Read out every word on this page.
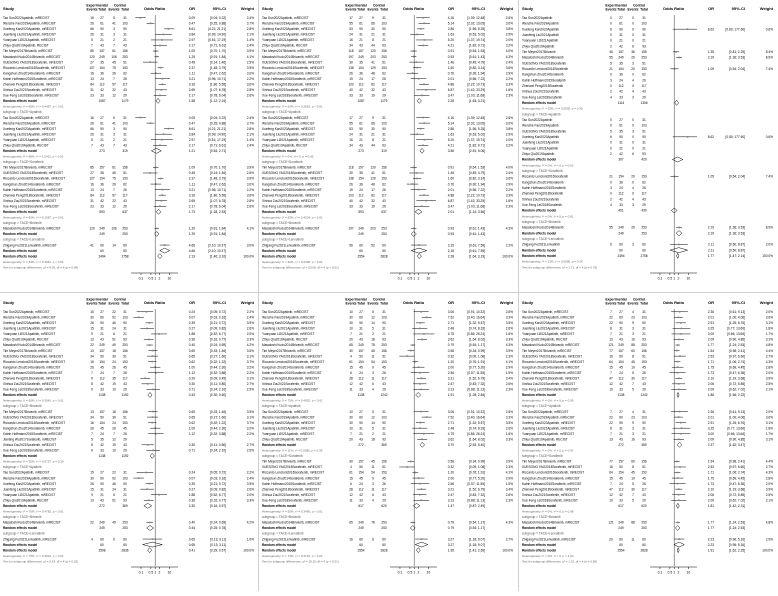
Study
Experimental Control
Events Total Events Total	Odds Ratio	OR	95%-CI	Weight
Tao Sun2022Apatinib, mRECIST	16 27	5	31	0.09	[0.04; 0.22]	2.4%
Wenzhe Fan2019Apatinib, mRECIST	26 61	41 103	0.47	[0.25; 0.88]	3.7%
Xuefeng Kan2020Apatinib, mRECIST	66 90	3	90	8.61	[4.21; 21.21]	2.8%
Juanfeng Liu2021Apatinib, mRECIST	26 31	3	31	3.84	[0.99; 14.90]	2.1%
Yuanyuan Li2021Apatinib, mRECIST	5 21	2	21	2.97	[0.51; 17.19]	1.4%
Zhiyu Qiu2019Apatinib, RECIST	7 43	7	43	2.17	[0.71; 6.61]	2.4%
Tim Meyer2017Brivanib, mRECIST	85 157 61 156	1.09	[0.70; 1.70]	3.9%
Masatoshi Kudo2014Brivanib, mRECIST	120 249 106 253	1.29	[0.91; 1.84]	4.1%
XUESONG YAO2018Sorafenib, mRECIST	27 35	45 51	0.45	[0.14; 1.46]	2.5%
Riccardo Lencioni2016Sorafenib, mRECIST	107 154 75 153	2.37	[1.48; 3.79]	3.9%
Kangshun Zhu2014Sorafenib, mRECIST	16 36	26 62	1.11	[0.47; 2.62]	3.0%
Katrin Hoffmann2015Sorafenib, mRECIST	13 24	7	26	3.21	[0.96; 10.71]	2.2%
Zhenwei Peng2018Sorafenib, mRECIST	84 112 57 117	3.16	[1.80; 5.55]	3.6%
Xinhua Zou2021Sorafenib, mRECIST	31 42	22 43	2.69	[1.07; 6.78]	2.8%
Xue-Feng Lei2018Sorafenib, mRECIST	23 33	12 29	2.17	[0.78; 6.04]	2.6%
Random effects model	1087	1179	1.58	[1.12; 2.24]
Heterogeneity: I² = 83%, τ² = 0.4457, p < 0.01
subgroup = TACE+Apatinib
Tao Sun2022Apatinib, mRECIST	16 27	5	31	0.09	[0.04; 0.22]	2.4%
Wenzhe Fan2019Apatinib, mRECIST	26 61	41 103	0.47	[0.25; 0.88]	3.7%
Xuefeng Kan2020Apatinib, mRECIST	66 90	3	90	8.61	[4.21; 21.21]	2.8%
Juanfeng Liu2021Apatinib, mRECIST	26 31	3	31	3.84	[0.99; 14.90]	2.1%
Yuanyuan Li2021Apatinib, mRECIST	5 21	2	21	2.97	[0.51; 17.19]	1.4%
Zhiyu Qiu2019Apatinib, RECIST	7 43	7	43	2.17	[0.71; 6.61]	2.4%
Random effects model	273	319	1.21	[0.54; 2.71]
Heterogeneity: I² = 88%, τ² = 1.0411, p < 0.01
subgroup = TACE+Sorafenib
Tim Meyer2017Brivanib, mRECIST	85 157 61 156	1.09	[0.70; 1.70]	3.9%
XUESONG YAO2018Sorafenib, mRECIST	27 35	45 51	0.45	[0.14; 1.46]	2.5%
Riccardo Lencioni2016Sorafenib, mRECIST	107 154 75 153	2.37	[1.48; 3.79]	3.9%
Kangshun Zhu2014Sorafenib, mRECIST	16 36	26 62	1.11	[0.47; 2.62]	3.0%
Katrin Hoffmann2015Sorafenib, mRECIST	13 24	7	26	3.21	[0.96; 10.71]	2.2%
Zhenwei Peng2018Sorafenib, mRECIST	84 112 57 117	3.16	[1.80; 5.55]	3.6%
Xinhua Zou2021Sorafenib, mRECIST	31 42	22 43	2.69	[1.07; 6.78]	2.8%
Xue-Feng Lei2018Sorafenib, mRECIST	23 33	12 29	2.17	[0.78; 6.04]	2.6%
Random effects model	593	637	1.73	[1.18; 2.53]
Heterogeneity: I² = 60%, τ² = 0.1587, p = 0.01
subgroup = TACE+Brivanib
Masatoshi Kudo2014Brivanib, mRECIST	120 249 106 253	1.29	[0.91; 1.84]	4.1%
Random effects model	249	253	1.29	[0.91; 1.84]
subgroup = TACE+Lenvatinib
Zhigang Fu2021Lenvatinib, mRECIST	41 60	14 60	4.66	[2.10; 10.37]	3.0%
Random effects model	60	60	4.66	[2.10; 10.37]
Random effects model	2494	2758	2.13	[1.46; 3.10]	100.0%
Heterogeneity: I² = 84%, τ² = 0.4961, p < 0.01
Test for subgroup differences: χ² = 8.05, df = 4 (p = 0.09)
0.1 0.5 1 2 10
Study
Experimental Control
Events Total Events Total	Odds Ratio	OR	95%-CI	Weight
Tao Sun2022Apatinib, mRECIST	17 27	9	31	4.16	[1.39; 12.48]	2.6%
Wenzhe Fan2019Apatinib, mRECIST	55 61	66 103	5.14	[2.02; 13.05]	3.0%
Xuefeng Kan2020Apatinib, mRECIST	53 90	30 90	2.86	[1.56; 5.25]	3.8%
Juanfeng Liu2021Apatinib, mRECIST	24 31	21 31	1.63	[0.53; 5.02]	2.5%
Yuanyuan Li2021Apatinib, mRECIST	16 21	8	21	5.20	[1.37; 19.74]	2.0%
Zhiyu Qiu2019Apatinib, RECIST	34 43	44 93	4.21	[1.82; 9.71]	3.2%
Tim Meyer2017Brivanib, mRECIST	118 157 120 156	0.91	[0.54; 1.53]	4.0%
Masatoshi Kudo2014Brivanib, mRECIST	197 249 203 253	0.93	[0.61; 1.43]	4.3%
XUESONG YAO2018Sorafenib, mRECIST	30 35	41 51	1.46	[0.45; 4.79]	2.4%
Riccardo Lencioni2016Sorafenib, mRECIST	138 154 129 153	1.60	[0.82; 3.14]	3.6%
Kangshun Zhu2014Sorafenib, mRECIST	26 36	48 62	0.76	[0.30; 1.94]	2.9%
Katrin Hoffmann2015Sorafenib, mRECIST	19 24	17 26	2.01	[0.56; 7.22]	2.2%
Zhenwei Peng2018Sorafenib, mRECIST	103 112 82 117	4.88	[2.22; 10.73]	3.3%
Xinhua Zou2021Sorafenib, mRECIST	40 42	32 43	6.87	[1.42; 33.29]	1.6%
Xue-Feng Lei2018Sorafenib, mRECIST	33 33	19 29	3.47	[1.03; 11.68]	2.3%
Random effects model	1087	1179	2.28	[1.63; 3.21]
Heterogeneity: I² = 62%, τ² = 0.2615, p < 0.01
subgroup = TACE+Apatinib
Tao Sun2022Apatinib, mRECIST	17 27	9	31	4.16	[1.39; 12.48]	2.6%
Wenzhe Fan2019Apatinib, mRECIST	55 61	66 103	5.14	[2.02; 13.05]	3.0%
Xuefeng Kan2020Apatinib, mRECIST	53 90	30 90	2.86	[1.56; 5.25]	3.8%
Juanfeng Liu2021Apatinib, mRECIST	24 31	21 31	1.63	[0.53; 5.02]	2.5%
Yuanyuan Li2021Apatinib, mRECIST	16 21	8	21	5.20	[1.37; 19.74]	2.0%
Zhiyu Qiu2019Apatinib, RECIST	34 43	44 93	4.21	[1.82; 9.71]	3.2%
Random effects model	273	319	3.56	[2.51; 5.06]
Heterogeneity: I² = 0%, τ² = 0, p = 0.62
subgroup = TACE+Sorafenib
Tim Meyer2017Brivanib, mRECIST	118 157 120 156	0.91	[0.54; 1.53]	4.0%
XUESONG YAO2018Sorafenib, mRECIST	30 35	41 51	1.46	[0.45; 4.79]	2.4%
Riccardo Lencioni2016Sorafenib, mRECIST	138 154 129 153	1.60	[0.82; 3.14]	3.6%
Kangshun Zhu2014Sorafenib, mRECIST	26 36	48 62	0.76	[0.30; 1.94]	2.9%
Katrin Hoffmann2015Sorafenib, mRECIST	19 24	17 26	2.01	[0.56; 7.22]	2.2%
Zhenwei Peng2018Sorafenib, mRECIST	103 112 82 117	4.88	[2.22; 10.73]	3.3%
Xinhua Zou2021Sorafenib, mRECIST	40 42	32 43	6.87	[1.42; 33.29]	1.6%
Xue-Feng Lei2018Sorafenib, mRECIST	33 33	19 29	3.47	[1.03; 11.68]	2.3%
Random effects model	593	637	2.01	[1.14; 3.56]
Heterogeneity: I² = 63%, τ² = 0.4204, p < 0.01
subgroup = TACE+Brivanib
Masatoshi Kudo2014Brivanib, mRECIST	197 249 203 253	0.93	[0.61; 1.43]	4.3%
Random effects model	249	253	0.93	[0.61; 1.43]
subgroup = TACE+Lenvatinib
Zhigang Fu2021Lenvatinib, mRECIST	56 60	52 60	2.15	[0.61; 7.59]	2.2%
Random effects model	60	60	2.15	[0.61; 7.59]
Random effects model	2554	2828	2.28	[1.64; 3.19]	100.0%
Heterogeneity: I² = 62%, τ² = 0.2495, p < 0.01
Test for subgroup differences: χ² = 20.08, df = 4 (p < 0.01)
0.1 0.5 1 2 10
Study
Experimental Control
Events Total Events Total	Odds Ratio	OR	95%-CI	Weight
Tao Sun2022Apatinib	0 27	0	31
Wenzhe Fan2019Apatinib	0 61	0 103
Xuefeng Kan2020Apatinib	6 90	0	90	8.62	[0.80; 177.60]	0.6%
Juanfeng Liu2021Apatinib	0 31	0	31
Yuanyuan Li2021Apatinib	0 21	0	21
Zhiyu Qiu2019Apatinib	2 42	6	93
Tim Meyer2017Brivanib	46 157 36 155	1.35	[0.81; 2.25]	8.4%
Masatoshi Kudo2014Brivanib	55 249 29 253	2.19	[1.36; 3.53]	8.9%
XUESONG YAO2018Sorafenib	5 35	3	51
Riccardo Lencioni2016Sorafenib	21 154 20 153	1.05	[0.54; 2.04]	7.4%
Kangshun Zhu2014Sorafenib	0 36	0	62
Katrin Hoffmann2015Sorafenib	3 24	4	26
Zhenwei Peng2018Sorafenib	0 112	0 117
Xinhua Zou2021Sorafenib	2 42	4	43
Xue-Feng Lei2018Sorafenib	4 33	3	29
Random effects model	1114	1306
Heterogeneity: I² = 15%, τ² = 0.0530, p = 0.30
subgroup = TACE+Apatinib
Tao Sun2022Apatinib	0 27	0	31
Wenzhe Fan2019Apatinib	0 61	0 103
XUESONG YAO2018Sorafenib	5 35	3	51
Xuefeng Kan2020Apatinib	6 90	0	90	8.62	[0.80; 177.60]	0.6%
Juanfeng Liu2021Apatinib	0 31	0	31
Yuanyuan Li2021Apatinib	0 21	0	21
Zhiyu Qiu2019Apatinib	2 42	6	93
Random effects model	307	420
Heterogeneity: I² = 0%, τ² = 0, p = 0.63
subgroup = TACE+Sorafenib
Riccardo Lencioni2016Sorafenib	21 154 20 153	1.05	[0.54; 2.04]	7.4%
Kangshun Zhu2014Sorafenib	0 36	0	62
Katrin Hoffmann2015Sorafenib	3 24	4	26
Zhenwei Peng2018Sorafenib	0 112	0 117
Xinhua Zou2021Sorafenib	2 42	4	43
Xue-Feng Lei2018Sorafenib	4 33	3	29
Random effects model	401	430
Heterogeneity: I² = 0%, τ² = 0, p = 0.81
subgroup = TACE+Brivanib
Masatoshi Kudo2014Brivanib	55 249 29 253	2.19	[1.36; 3.53]	8.9%
Random effects model	249	253	2.19	[1.36; 3.53]
subgroup = TACE+Lenvatinib
Zhigang Fu2021Lenvatinib	6 60	3	60	2.11	[0.50; 8.87]	2.0%
Random effects model	60	60	2.11	[0.50; 8.87]
Random effects model	2494	2758	1.77	[1.47; 2.14]	100.0%
Heterogeneity: I² = 21%, τ² = 0.0590, p = 0.26
Test for subgroup differences: χ² = 1.71, df = 4 (p = 0.79)
0.1 0.5 1 2 10
Study
Experimental Control
Events Total Events Total	Odds Ratio	OR	95%-CI	Weight
Tao Sun2022Apatinib, mRECIST	15 27	22 31	0.24	[0.05; 0.72]	2.2%
Wenzhe Fan2019Apatinib, mRECIST	30 60	92 103	0.07	[0.03; 0.16]	2.4%
Xuefeng Kan2020Apatinib, mRECIST	26 90	46 90	0.39	[0.21; 0.72]	3.9%
Juanfeng Liu2021Apatinib, mRECIST	15 31	24 31	0.27	[0.09; 0.82]	2.6%
Yuanyuan Li2021Apatinib, mRECIST	9 21	6	21	1.88	[0.52; 6.77]	2.0%
Zhiyu Qiu2019Apatinib, RECIST	13 43	51 93	0.36	[0.16; 0.77]	3.3%
Masatoshi Kudo2014Brivanib, mRECIST	22 249 49 253	0.40	[0.24; 0.69]	4.2%
Tim Meyer2017Brivanib, mRECIST	13 157 18 156	0.69	[0.33; 1.46]	3.5%
XUESONG YAO2018Sorafenib, mRECIST	34 50	39 51	0.65	[0.27; 1.60]	3.1%
Riccardo Lencioni2016Sorafenib, mRECIST	16 154 24 153	0.62	[0.32; 1.22]	3.7%
Kangshun Zhu2014Sorafenib, mRECIST	26 45	26 45	1.00	[0.44; 2.30]	3.2%
Katrin Hoffmann2015Sorafenib, mRECIST	7 24	7	26	1.12	[0.32; 3.88]	2.2%
Zhenwei Peng2018Sorafenib, mRECIST	9 112 35 117	0.20	[0.09; 0.45]	3.1%
Xinhua Zou2021Sorafenib, mRECIST	8 42	19 43	0.30	[0.11; 0.80]	2.7%
Xue-Feng Lei2018Sorafenib, mRECIST	9 33	10 29	0.71	[0.24; 2.10]	2.5%
Random effects model	1138	1192	0.43	[0.30; 0.60]
Heterogeneity: I² = 65%, τ² = 0.3042, p < 0.01
subgroup = TACE+Brivanib
Tim Meyer2017Brivanib, mRECIST	13 157 18 156	0.69	[0.33; 1.46]	3.5%
XUESONG YAO2018Sorafenib, mRECIST	34 50	39 51	0.65	[0.27; 1.60]	3.1%
Riccardo Lencioni2016Sorafenib, mRECIST	16 154 24 153	0.62	[0.32; 1.22]	3.7%
Kangshun Zhu2014Sorafenib, mRECIST	26 45	26 45	1.00	[0.44; 2.30]	3.2%
Katrin Hoffmann2015Sorafenib, mRECIST	7 24	7	26	1.12	[0.32; 3.88]	2.2%
Jianting Wu2017Sorafenib, mRECIST	5 35	12 29
Xinhua Zou2021Sorafenib, mRECIST	8 42	19 43	0.30	[0.11; 0.80]	2.7%
Xue-Feng Lei2018Sorafenib, mRECIST	9 33	10 29	0.71	[0.24; 2.10]	2.5%
Random effects model	1138	1192
Heterogeneity: I² = 30%, τ² = 0.0757, p = 0.19
subgroup = TACE+Apatinib
Tao Sun2022Apatinib, mRECIST	15 27	22 31	0.24	[0.05; 0.72]	2.2%
Wenzhe Fan2019Apatinib, mRECIST	30 60	92 103	0.07	[0.03; 0.16]	2.4%
Xuefeng Kan2020Apatinib, mRECIST	26 90	46 90	0.39	[0.21; 0.72]	3.9%
Juanfeng Liu2021Apatinib, mRECIST	15 31	24 31	0.27	[0.09; 0.82]	2.6%
Yuanyuan Li2021Apatinib, mRECIST	9 21	6	21	1.88	[0.52; 6.77]	2.0%
Zhiyu Qiu2019Apatinib, RECIST	13 43	51 93	0.36	[0.16; 0.77]	3.3%
Random effects model	272	369	0.30	[0.16; 0.57]
Heterogeneity: I² = 70%, τ² = 0.4782, p < 0.01
subgroup = TACE+Brivanib
Masatoshi Kudo2014Brivanib, mRECIST	22 249 49 253	0.40	[0.24; 0.69]	4.2%
Random effects model	249	253	0.44	[0.25; 0.78]
subgroup = TACE+Lenvatinib
Zhigang Fu2021Lenvatinib, mRECIST	4 60	6	60	0.65	[0.13; 3.11]	1.6%
Random effects model	60	60	0.65	[0.13; 3.11]
Random effects model	2598	2836	0.41	[0.29; 0.57]	100.0%
Heterogeneity: I² = 75%, τ² = 0.3912, p < 0.01
Test for subgroup differences: χ² = 5.42, df = 4 (p = 0.25)
0.1 0.5 1 2 10
Study
Experimental Control
Events Total Events Total	Odds Ratio	OR	95%-CI	Weight
Tao Sun2022Apatinib, mRECIST	10 27	5	31	3.06	[0.91; 10.32]	2.6%
Wenzhe Fan2019Apatinib, mRECIST	30 60	12 103	7.52	[3.40; 16.64]	3.3%
Xuefeng Kan2020Apatinib, mRECIST	30 90	14 90	2.71	[1.32; 5.57]	3.5%
Juanfeng Liu2021Apatinib, mRECIST	10 31	5	31	2.48	[0.74; 8.33]	2.6%
Yuanyuan Li2021Apatinib, mRECIST	7 21	2	21	4.75	[0.86; 26.24]	1.6%
Zhiyu Qiu2019Apatinib, RECIST	20 43	18 93	3.62	[1.64; 8.02]	3.3%
Masatoshi Kudo2014Brivanib, mRECIST	65 249 78 253	0.79	[0.54; 1.17]	4.3%
Tim Meyer2017Brivanib, mRECIST	30 157 45 156	0.58	[0.34; 0.99]	3.9%
XUESONG YAO2018Sorafenib, mRECIST	4 50	11 51	0.32	[0.09; 1.08]	2.3%
Riccardo Lencioni2016Sorafenib, mRECIST	61 154 54 153	1.20	[0.76; 1.91]	4.1%
Kangshun Zhu2014Sorafenib, mRECIST	15 45	9	45	2.00	[0.77; 5.20]	2.9%
Katrin Hoffmann2015Sorafenib, mRECIST	6 24	3	26	2.56	[0.57; 11.55]	1.9%
Zhenwei Peng2018Sorafenib, mRECIST	28 112 11 117	3.21	[1.52; 6.79]	3.4%
Xinhua Zou2021Sorafenib, mRECIST	12 42	6	43	2.47	[0.83; 7.32]	2.6%
Xue-Feng Lei2018Sorafenib, mRECIST	11 33	4	29	3.13	[0.88; 11.13]	2.3%
Random effects model	1138	1242	1.91	[1.28; 2.84]
Heterogeneity: I² = 75%, τ² = 0.4052, p < 0.01
subgroup = TACE+Apatinib
Tao Sun2022Apatinib, mRECIST	10 27	5	31	3.06	[0.91; 10.32]	2.6%
Wenzhe Fan2019Apatinib, mRECIST	30 60	12 103	7.52	[3.40; 16.64]	3.3%
Xuefeng Kan2020Apatinib, mRECIST	30 90	14 90	2.71	[1.32; 5.57]	3.5%
Juanfeng Liu2021Apatinib, mRECIST	10 31	5	31	2.48	[0.74; 8.33]	2.6%
Yuanyuan Li2021Apatinib, mRECIST	7 21	2	21	4.75	[0.86; 26.24]	1.6%
Zhiyu Qiu2019Apatinib, RECIST	20 43	18 93	3.62	[1.64; 8.02]	3.3%
Random effects model	272	369	3.70	[2.53; 5.40]
Heterogeneity: I² = 11%, τ² = 0.0280, p = 0.35
subgroup = TACE+Sorafenib
Tim Meyer2017Brivanib, mRECIST	30 157 45 156	0.58	[0.34; 0.99]	3.9%
XUESONG YAO2018Sorafenib, mRECIST	4 50	11 51	0.32	[0.09; 1.08]	2.3%
Riccardo Lencioni2016Sorafenib, mRECIST	61 154 54 153	1.20	[0.76; 1.91]	4.1%
Kangshun Zhu2014Sorafenib, mRECIST	15 45	9	45	2.00	[0.77; 5.20]	2.9%
Katrin Hoffmann2015Sorafenib, mRECIST	6 24	3	26	2.56	[0.57; 11.55]	1.9%
Zhenwei Peng2018Sorafenib, mRECIST	28 112 11 117	3.21	[1.52; 6.79]	3.4%
Xinhua Zou2021Sorafenib, mRECIST	12 42	6	43	2.47	[0.83; 7.32]	2.6%
Xue-Feng Lei2018Sorafenib, mRECIST	11 33	4	29	3.13	[0.88; 11.13]	2.3%
Random effects model	617	620	1.47	[0.87; 2.49]
Heterogeneity: I² = 65%, τ² = 0.3490, p < 0.01
subgroup = TACE+Brivanib
Masatoshi Kudo2014Brivanib, mRECIST	65 249 78 253	0.79	[0.54; 1.17]	4.3%
Random effects model	249	253	0.79	[0.54; 1.17]
subgroup = TACE+Lenvatinib
Zhigang Fu2021Lenvatinib, mRECIST	16 60	6	60	3.27	[1.18; 9.07]	2.7%
Random effects model	60	60	3.27	[1.18; 9.07]
Random effects model	2554	2828	1.95	[1.41; 2.69]	100.0%
Heterogeneity: I² = 74%, τ² = 0.3733, p < 0.01
Test for subgroup differences: χ² = 19.19, df = 4 (p < 0.01)
0.1 0.5 1 2 10
Study
Experimental Control
Events Total Events Total	Odds Ratio	OR	95%-CI	Weight
Tao Sun2022Apatinib, mRECIST	7 27	4	31	2.36	[0.61; 9.13]	2.0%
Wenzhe Fan2019Apatinib, mRECIST	22 60	23 103	2.01	[1.00; 4.06]	3.6%
Xuefeng Kan2020Apatinib, mRECIST	22 90	9	90	2.91	[1.25; 6.76]	3.1%
Juanfeng Liu2021Apatinib, mRECIST	8 31	3	31	3.25	[0.77; 13.66]	1.8%
Yuanyuan Li2021Apatinib, mRECIST	7 21	3	21	3.00	[0.66; 13.66]	1.7%
Zhiyu Qiu2019Apatinib, RECIST	13 43	16 93	2.09	[0.90; 4.85]	3.1%
Masatoshi Kudo2014Brivanib, mRECIST	121 249 88 253	1.77	[1.24; 2.53]	4.8%
Tim Meyer2017Brivanib, mRECIST	77 157 60 156	1.54	[0.98; 2.41]	4.4%
XUESONG YAO2018Sorafenib, mRECIST	16 50	8	51	2.53	[0.97; 6.60]	2.7%
Riccardo Lencioni2016Sorafenib, mRECIST	64 154 45 153	1.71	[1.06; 2.74]	4.3%
Kangshun Zhu2014Sorafenib, mRECIST	15 45	10 45	1.75	[0.69; 4.45]	2.8%
Katrin Hoffmann2015Sorafenib, mRECIST	7 24	5	26	1.73	[0.47; 6.36]	2.0%
Zhenwei Peng2018Sorafenib, mRECIST	47 112 30 117	2.10	[1.19; 3.68]	3.9%
Xinhua Zou2021Sorafenib, mRECIST	12 42	7	43	2.06	[0.72; 5.85]	2.5%
Xue-Feng Lei2018Sorafenib, mRECIST	10 33	5	29	2.09	[0.62; 7.02]	2.1%
Random effects model	1138	1242	1.86	[1.56; 2.22]
Heterogeneity: I² = 0%, τ² = 0, p = 0.99
subgroup = TACE+Apatinib
Tao Sun2022Apatinib, mRECIST	7 27	4	31	2.36	[0.61; 9.13]	2.0%
Wenzhe Fan2019Apatinib, mRECIST	22 60	23 103	2.01	[1.00; 4.06]	3.6%
Xuefeng Kan2020Apatinib, mRECIST	22 90	9	90	2.91	[1.25; 6.76]	3.1%
Juanfeng Liu2021Apatinib, mRECIST	8 31	3	31	3.25	[0.77; 13.66]	1.8%
Yuanyuan Li2021Apatinib, mRECIST	7 21	3	21	3.00	[0.66; 13.66]	1.7%
Zhiyu Qiu2019Apatinib, RECIST	13 43	16 93	2.09	[0.90; 4.85]	3.1%
Random effects model	272	369	2.37	[1.62; 3.47]
Heterogeneity: I² = 0%, τ² = 0, p = 0.97
subgroup = TACE+Sorafenib
Tim Meyer2017Brivanib, mRECIST	77 157 60 156	1.54	[0.98; 2.41]	4.4%
XUESONG YAO2018Sorafenib, mRECIST	16 50	8	51	2.53	[0.97; 6.60]	2.7%
Riccardo Lencioni2016Sorafenib, mRECIST	64 154 45 153	1.71	[1.06; 2.74]	4.3%
Kangshun Zhu2014Sorafenib, mRECIST	15 45	10 45	1.75	[0.69; 4.45]	2.8%
Katrin Hoffmann2015Sorafenib, mRECIST	7 24	5	26	1.73	[0.47; 6.36]	2.0%
Zhenwei Peng2018Sorafenib, mRECIST	47 112 30 117	2.10	[1.19; 3.68]	3.9%
Xinhua Zou2021Sorafenib, mRECIST	12 42	7	43	2.06	[0.72; 5.85]	2.5%
Xue-Feng Lei2018Sorafenib, mRECIST	10 33	5	29	2.09	[0.62; 7.02]	2.1%
Random effects model	617	620	1.81	[1.42; 2.31]
Heterogeneity: I² = 0%, τ² = 0, p = 0.98
subgroup = TACE+Brivanib
Masatoshi Kudo2014Brivanib, mRECIST	121 249 88 253	1.77	[1.24; 2.53]	4.8%
Random effects model	249	253	1.77	[1.24; 2.53]
subgroup = TACE+Lenvatinib
Zhigang Fu2021Lenvatinib, mRECIST	20 60	11 60	2.23	[0.96; 5.16]	2.9%
Random effects model	60	60	2.23	[0.96; 5.16]
Random effects model	2554	2828	1.91	[1.62; 2.25]	100.0%
Heterogeneity: I² = 0%, τ² = 0, p = 1.00
Test for subgroup differences: χ² = 1.32, df = 4 (p = 0.86)
0.1 0.5 1 2 10
